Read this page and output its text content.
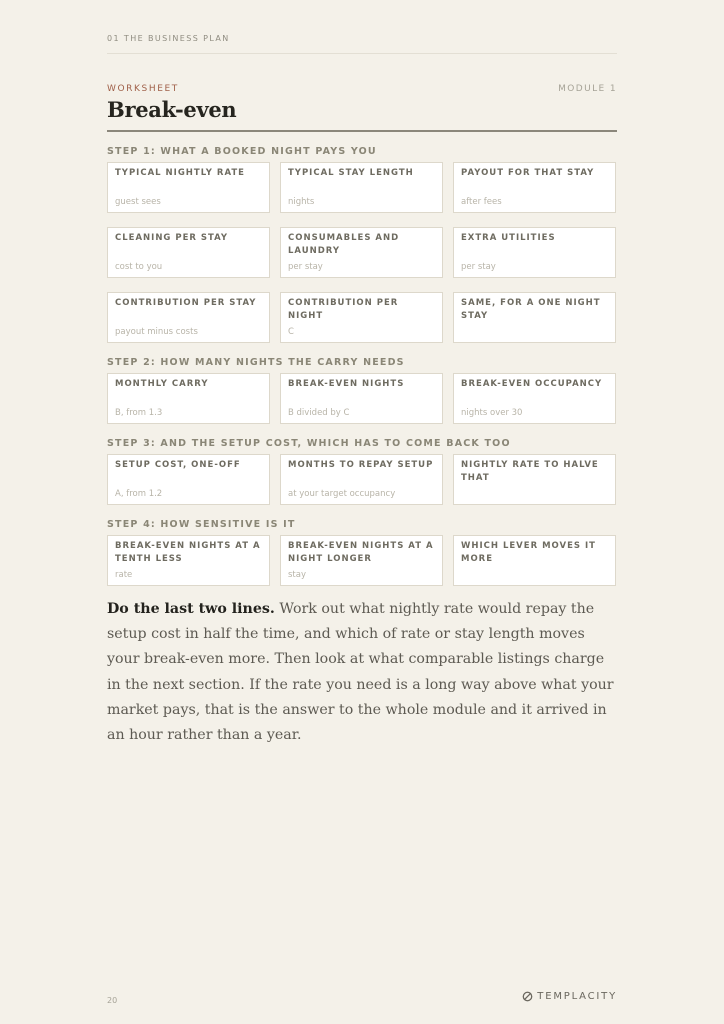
01 THE BUSINESS PLAN
WORKSHEET	MODULE 1
Break-even
STEP 1: WHAT A BOOKED NIGHT PAYS YOU
TYPICAL NIGHTLY RATE
guest sees
TYPICAL STAY LENGTH
nights
PAYOUT FOR THAT STAY
after fees
CLEANING PER STAY
cost to you
CONSUMABLES AND LAUNDRY
per stay
EXTRA UTILITIES
per stay
CONTRIBUTION PER STAY
payout minus costs
CONTRIBUTION PER NIGHT
C
SAME, FOR A ONE NIGHT STAY
STEP 2: HOW MANY NIGHTS THE CARRY NEEDS
MONTHLY CARRY
B, from 1.3
BREAK-EVEN NIGHTS
B divided by C
BREAK-EVEN OCCUPANCY
nights over 30
STEP 3: AND THE SETUP COST, WHICH HAS TO COME BACK TOO
SETUP COST, ONE-OFF
A, from 1.2
MONTHS TO REPAY SETUP
at your target occupancy
NIGHTLY RATE TO HALVE THAT
STEP 4: HOW SENSITIVE IS IT
BREAK-EVEN NIGHTS AT A TENTH LESS
rate
BREAK-EVEN NIGHTS AT A NIGHT LONGER
stay
WHICH LEVER MOVES IT MORE

Do the last two lines. Work out what nightly rate would repay the setup cost in half the time, and which of rate or stay length moves your break-even more. Then look at what comparable listings charge in the next section. If the rate you need is a long way above what your market pays, that is the answer to the whole module and it arrived in an hour rather than a year.

20	TEMPLACITY
